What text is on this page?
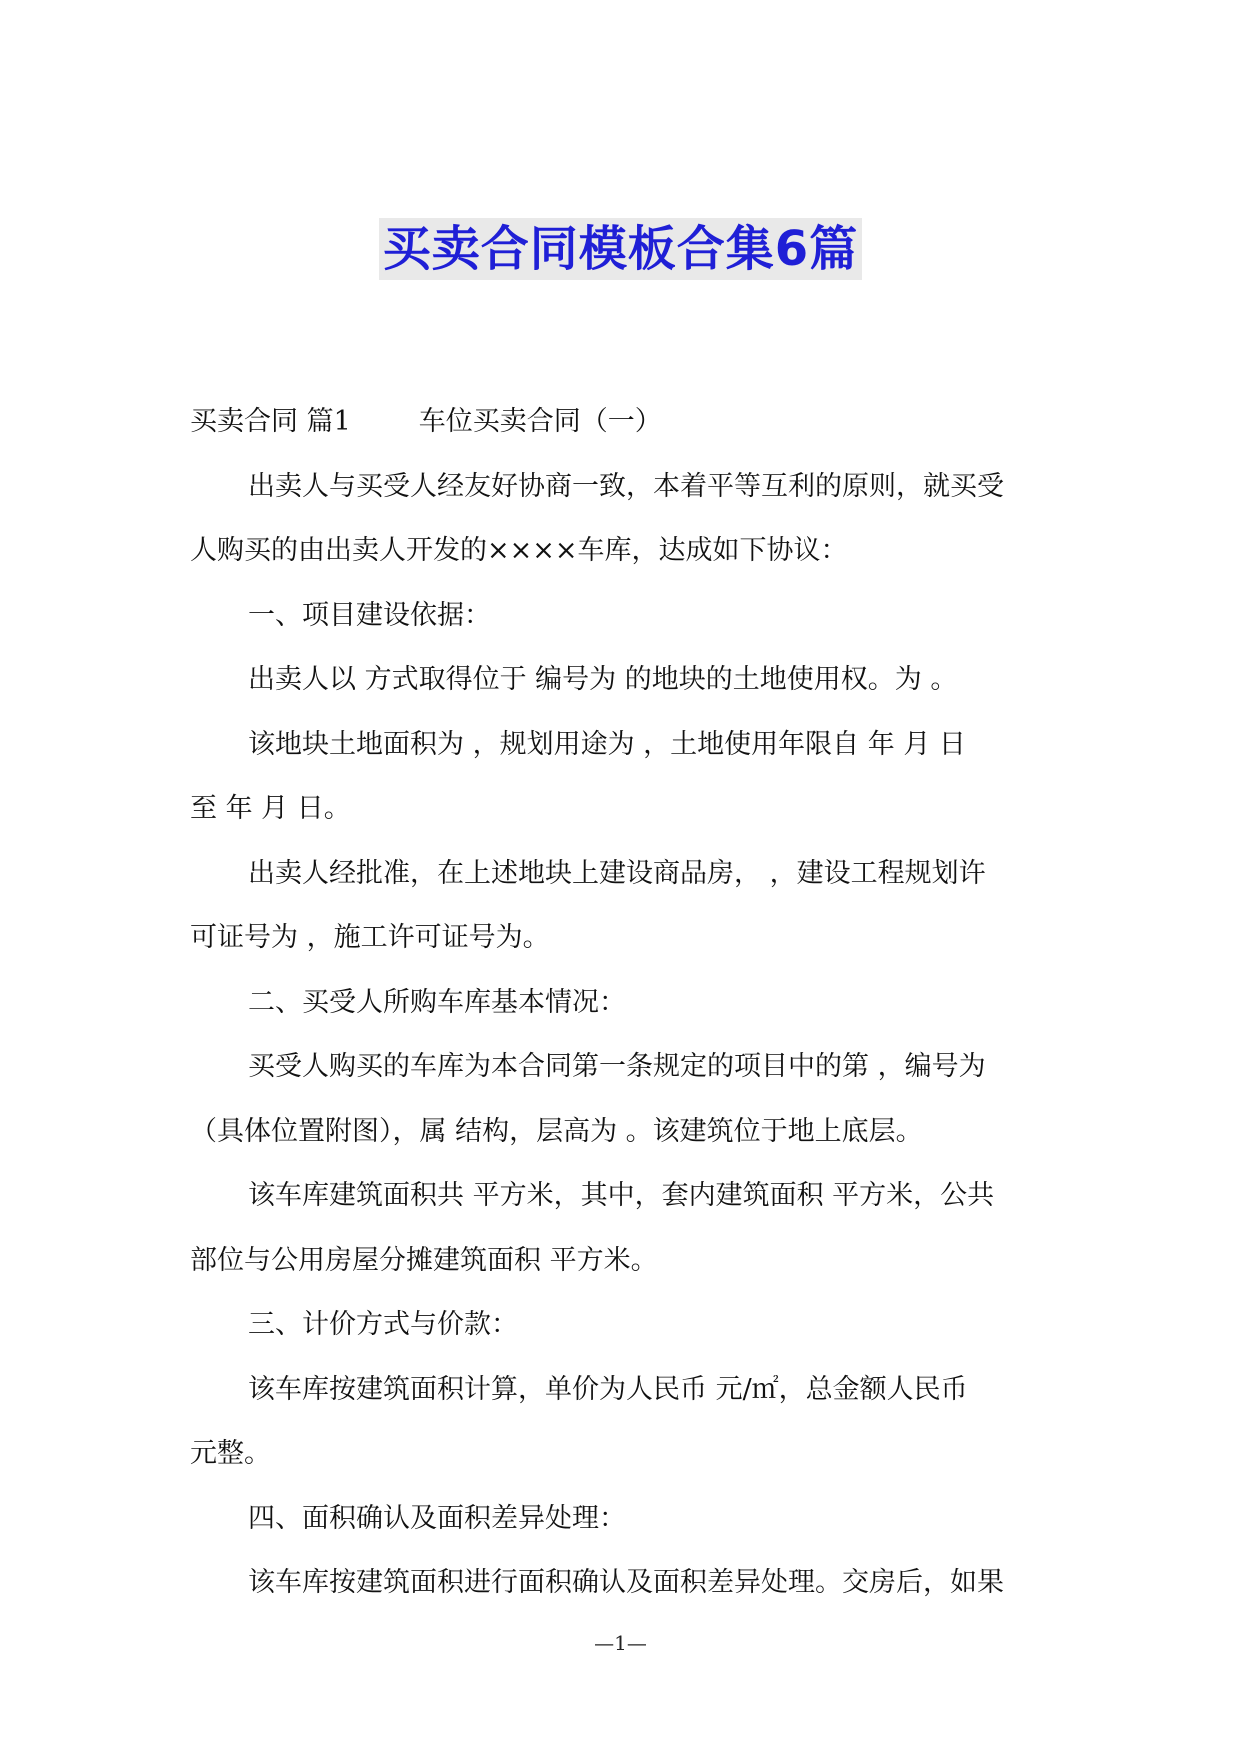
买卖合同模板合集6篇

买卖合同 篇1	车位买卖合同（一）

出卖人与买受人经友好协商一致，本着平等互利的原则，就买受

人购买的由出卖人开发的××××车库，达成如下协议：

一、项目建设依据：

出卖人以 方式取得位于 编号为 的地块的土地使用权。为 。

该地块土地面积为 ，规划用途为 ，土地使用年限自 年 月 日

至 年 月 日。

出卖人经批准，在上述地块上建设商品房， ，建设工程规划许

可证号为 ，施工许可证号为。

二、买受人所购车库基本情况：

买受人购买的车库为本合同第一条规定的项目中的第 ，编号为

（具体位置附图），属 结构，层高为 。该建筑位于地上底层。

该车库建筑面积共 平方米，其中，套内建筑面积 平方米，公共

部位与公用房屋分摊建筑面积 平方米。

三、计价方式与价款：

该车库按建筑面积计算，单价为人民币 元/㎡，总金额人民币

元整。

四、面积确认及面积差异处理：

该车库按建筑面积进行面积确认及面积差异处理。交房后，如果

—1—
